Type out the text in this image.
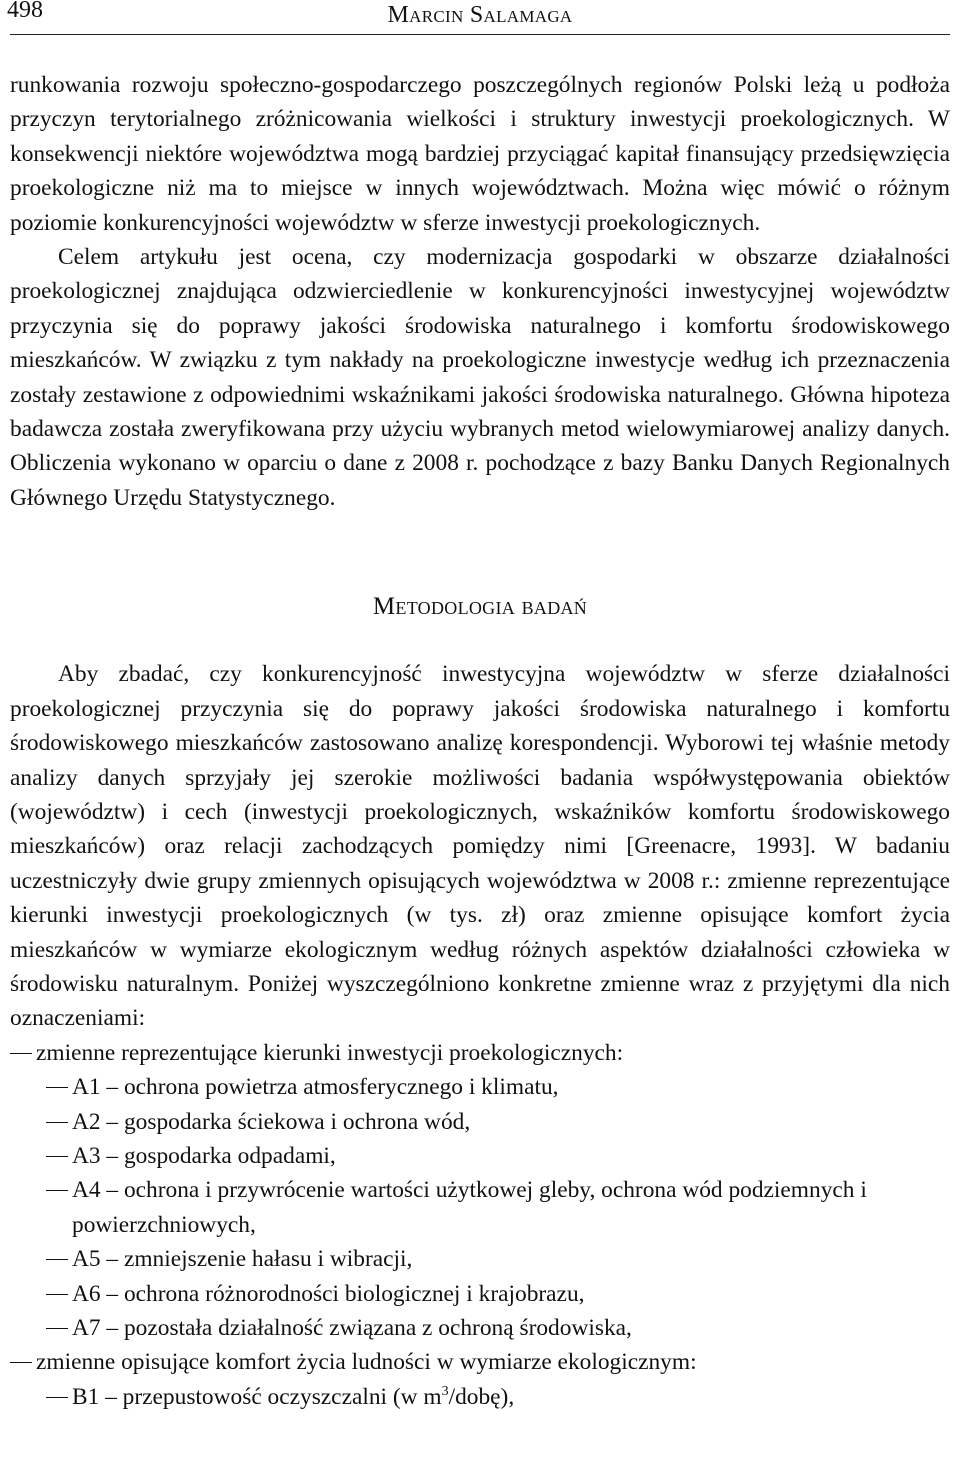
498	Marcin Salamaga

runkowania rozwoju społeczno-gospodarczego poszczególnych regionów Polski leżą u podłoża przyczyn terytorialnego zróżnicowania wielkości i struktury inwestycji proekologicznych. W konsekwencji niektóre województwa mogą bardziej przyciągać kapitał finansujący przedsięwzięcia proekologiczne niż ma to miejsce w innych województwach. Można więc mówić o różnym poziomie konkurencyjności województw w sferze inwestycji proekologicznych.

Celem artykułu jest ocena, czy modernizacja gospodarki w obszarze działalności proekologicznej znajdująca odzwierciedlenie w konkurencyjności inwestycyjnej województw przyczynia się do poprawy jakości środowiska naturalnego i komfortu środowiskowego mieszkańców. W związku z tym nakłady na proekologiczne inwestycje według ich przeznaczenia zostały zestawione z odpowiednimi wskaźnikami jakości środowiska naturalnego. Główna hipoteza badawcza została zweryfikowana przy użyciu wybranych metod wielowymiarowej analizy danych. Obliczenia wykonano w oparciu o dane z 2008 r. pochodzące z bazy Banku Danych Regionalnych Głównego Urzędu Statystycznego.

Metodologia badań

Aby zbadać, czy konkurencyjność inwestycyjna województw w sferze działalności proekologicznej przyczynia się do poprawy jakości środowiska naturalnego i komfortu środowiskowego mieszkańców zastosowano analizę korespondencji. Wyborowi tej właśnie metody analizy danych sprzyjały jej szerokie możliwości badania współwystępowania obiektów (województw) i cech (inwestycji proekologicznych, wskaźników komfortu środowiskowego mieszkańców) oraz relacji zachodzących pomiędzy nimi [Greenacre, 1993]. W badaniu uczestniczyły dwie grupy zmiennych opisujących województwa w 2008 r.: zmienne reprezentujące kierunki inwestycji proekologicznych (w tys. zł) oraz zmienne opisujące komfort życia mieszkańców w wymiarze ekologicznym według różnych aspektów działalności człowieka w środowisku naturalnym. Poniżej wyszczególniono konkretne zmienne wraz z przyjętymi dla nich oznaczeniami:

zmienne reprezentujące kierunki inwestycji proekologicznych:
A1 – ochrona powietrza atmosferycznego i klimatu,
A2 – gospodarka ściekowa i ochrona wód,
A3 – gospodarka odpadami,
A4 – ochrona i przywrócenie wartości użytkowej gleby, ochrona wód podziemnych i powierzchniowych,
A5 – zmniejszenie hałasu i wibracji,
A6 – ochrona różnorodności biologicznej i krajobrazu,
A7 – pozostała działalność związana z ochroną środowiska,
zmienne opisujące komfort życia ludności w wymiarze ekologicznym:
B1 – przepustowość oczyszczalni (w $m^3/dobę$),
